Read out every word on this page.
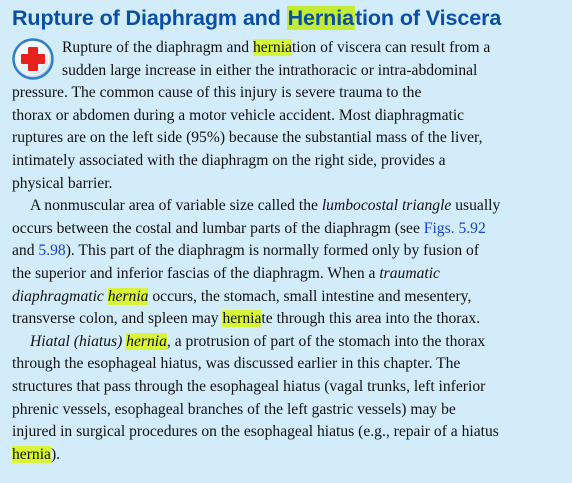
Rupture of Diaphragm and Herniation of Viscera
Rupture of the diaphragm and herniation of viscera can result from a
sudden large increase in either the intrathoracic or intra-abdominal
pressure. The common cause of this injury is severe trauma to the
thorax or abdomen during a motor vehicle accident. Most diaphragmatic
ruptures are on the left side (95%) because the substantial mass of the liver,
intimately associated with the diaphragm on the right side, provides a
physical barrier.
A nonmuscular area of variable size called the lumbocostal triangle usually
occurs between the costal and lumbar parts of the diaphragm (see Figs. 5.92
and 5.98). This part of the diaphragm is normally formed only by fusion of
the superior and inferior fascias of the diaphragm. When a traumatic
diaphragmatic hernia occurs, the stomach, small intestine and mesentery,
transverse colon, and spleen may herniate through this area into the thorax.
Hiatal (hiatus) hernia, a protrusion of part of the stomach into the thorax
through the esophageal hiatus, was discussed earlier in this chapter. The
structures that pass through the esophageal hiatus (vagal trunks, left inferior
phrenic vessels, esophageal branches of the left gastric vessels) may be
injured in surgical procedures on the esophageal hiatus (e.g., repair of a hiatus
hernia).
